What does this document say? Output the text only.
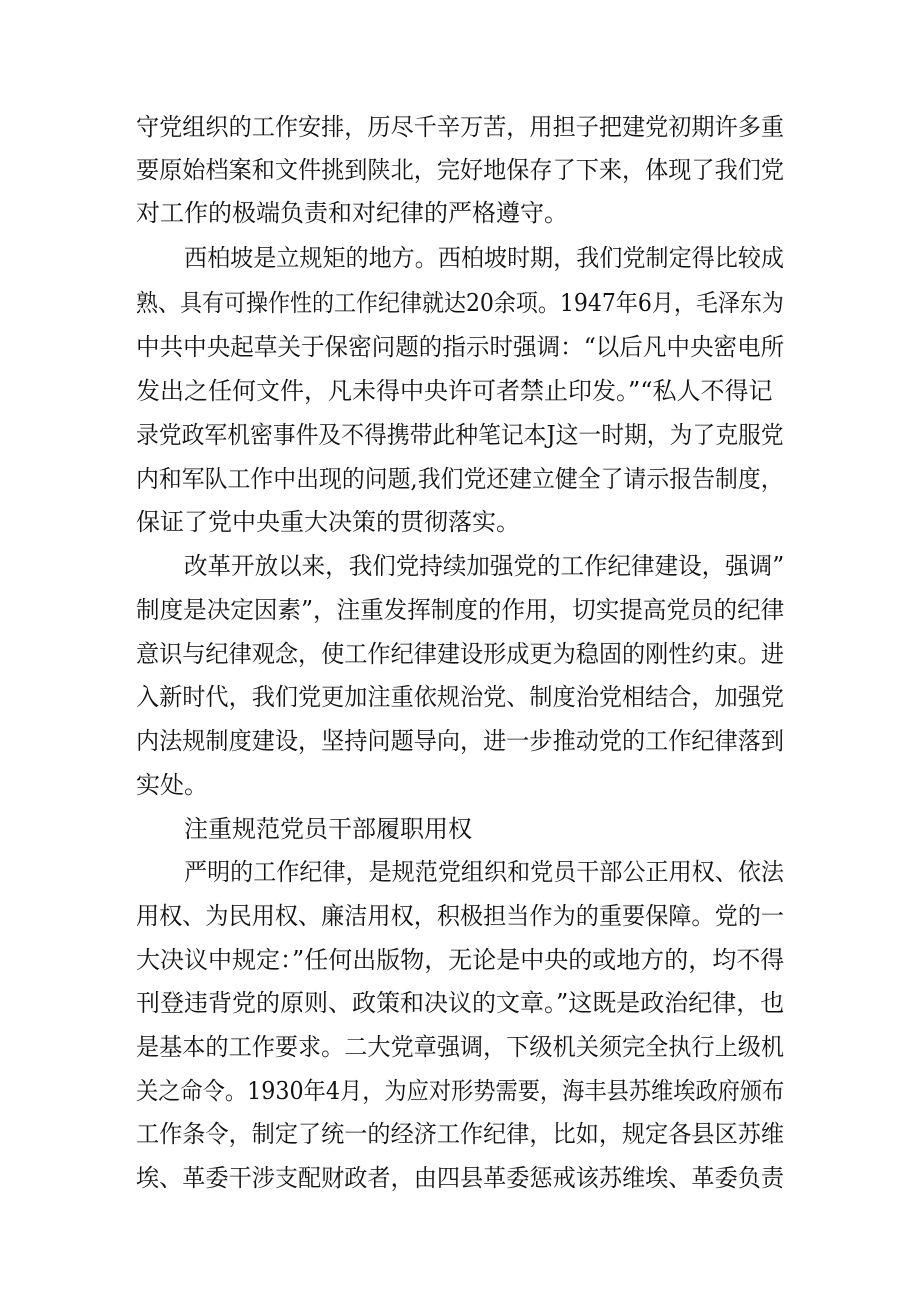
守党组织的工作安排，历尽千辛万苦，用担子把建党初期许多重
要原始档案和文件挑到陕北，完好地保存了下来，体现了我们党
对工作的极端负责和对纪律的严格遵守。
西柏坡是立规矩的地方。西柏坡时期，我们党制定得比较成
熟、具有可操作性的工作纪律就达20余项。1947年6月，毛泽东为
中共中央起草关于保密问题的指示时强调：“以后凡中央密电所
发出之任何文件，凡未得中央许可者禁止印发。”“私人不得记
录党政军机密事件及不得携带此种笔记本J这一时期，为了克服党
内和军队工作中出现的问题,我们党还建立健全了请示报告制度，
保证了党中央重大决策的贯彻落实。
改革开放以来，我们党持续加强党的工作纪律建设，强调”
制度是决定因素”，注重发挥制度的作用，切实提高党员的纪律
意识与纪律观念，使工作纪律建设形成更为稳固的刚性约束。进
入新时代，我们党更加注重依规治党、制度治党相结合，加强党
内法规制度建设，坚持问题导向，进一步推动党的工作纪律落到
实处。
注重规范党员干部履职用权
严明的工作纪律，是规范党组织和党员干部公正用权、依法
用权、为民用权、廉洁用权，积极担当作为的重要保障。党的一
大决议中规定：”任何出版物，无论是中央的或地方的，均不得
刊登违背党的原则、政策和决议的文章。”这既是政治纪律，也
是基本的工作要求。二大党章强调，下级机关须完全执行上级机
关之命令。1930年4月，为应对形势需要，海丰县苏维埃政府颁布
工作条令，制定了统一的经济工作纪律，比如，规定各县区苏维
埃、革委干涉支配财政者，由四县革委惩戒该苏维埃、革委负责
